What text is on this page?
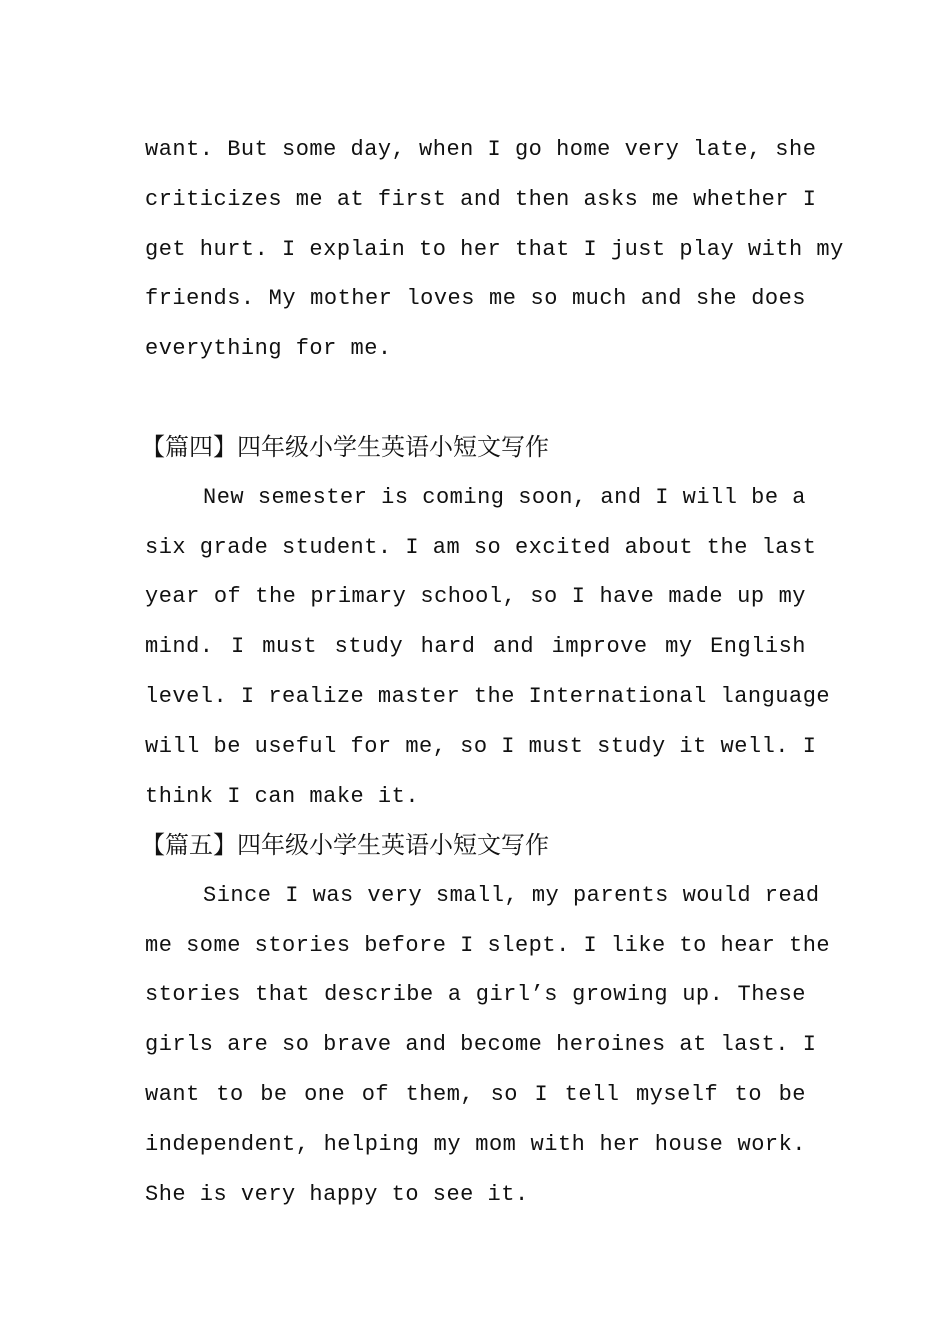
want. But some day, when I go home very late, she
criticizes me at first and then asks me whether I
get hurt. I explain to her that I just play with my
friends. My mother loves me so much and she does
everything for me.
【篇四】四年级小学生英语小短文写作
New semester is coming soon, and I will be a
six grade student. I am so excited about the last
year of the primary school, so I have made up my
mind. I must study hard and improve my English
level. I realize master the International language
will be useful for me, so I must study it well. I
think I can make it.
【篇五】四年级小学生英语小短文写作
Since I was very small, my parents would read
me some stories before I slept. I like to hear the
stories that describe a girl’s growing up. These
girls are so brave and become heroines at last. I
want to be one of them, so I tell myself to be
independent, helping my mom with her house work.
She is very happy to see it.
